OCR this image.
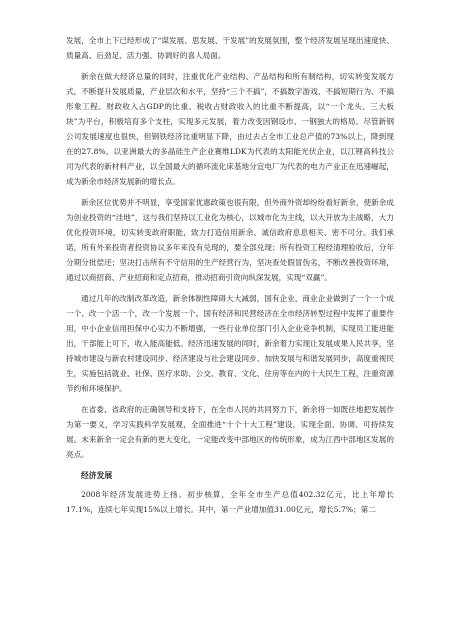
发展，全市上下已经形成了“谋发展、思发展、干发展”的发展氛围，整个经济发展呈现出速度快、质量高、后劲足、活力强、协调好的喜人局面。

新余在做大经济总量的同时，注重优化产业结构、产品结构和所有制结构，切实转变发展方式，不断提升发展质量，产业层次和水平，坚持“三个不搞”，不搞数字游戏、不搞短期行为、不搞形象工程。财政收入占GDP的比重、税收占财政收入的比重不断提高，以“一个龙头、三大板块”为平台，积极培育多个支柱，实现多元发展，着力改变因钢设市、一钢独大的格局。尽管新钢公司发展速度也很快，但钢铁经济比重明显下降，由过去占全市工业总产值的73%以上，降到现在的27.8%。以亚洲最大的多晶硅生产企业赛维LDK为代表的太阳能光伏企业，以江锂高科技公司为代表的新材料产业，以全国最大的循环流化床基地分宜电厂为代表的电力产业正在迅速崛起，成为新余市经济发展新的增长点。

新余区位优势并不明显，享受国家优惠政策也很有限，但外商外资却纷纷看好新余，使新余成为创业投资的“洼地”，这与我们坚持以工业化为核心，以城市化为主线，以大开放为主战略，大力优化投资环境，切实转变政府职能，致力打造信用新余、诚信政府息息相关、密不可分。我们承诺，所有外来投资者投资协议多年来没有兑现的，要全部兑现；所有投资工程经清理验收后，分年分期分批偿还；坚决打击所有不守信用的生产经营行为，坚决查处假冒伪劣，不断改善投资环境，通过以商招商、产业招商和定点招商，推动招商引资向纵深发展，实现“双赢”。

通过几年的改制改革改造，新余体制性障碍大大减弱，国有企业、商业企业做到了一个一个成一个、改一个活一个，改一个发展一个。国有经济和民营经济在全市经济转型过程中发挥了重要作用，中小企业信用担保中心实力不断增强，一些行业单位部门引入企业竞争机制，实现员工能进能出，干部能上可下，收入能高能低。经济迅速发展的同时，新余着力实现让发展成果人民共享，坚持城市建设与新农村建设同步、经济建设与社会建设同步、加快发展与和谐发展同步，高度重视民生，实施包括就业、社保、医疗求助、公交、教育、文化、住房等在内的十大民生工程，注重资源节约和环境保护。

在省委、省政府的正确领导和支持下，在全市人民的共同努力下，新余将一如既往地把发展作为第一要义，学习实践科学发展观，全面推进“十个十大工程”建设，实现全面、协调、可持续发展。未来新余一定会有新的更大变化，一定能改变中部地区的传统形象，成为江西中部地区发展的亮点。

经济发展

2008年经济发展进势上扬。初步核算，全年全市生产总值402.32亿元，比上年增长17.1%，连续七年实现15%以上增长。其中，第一产业增加值31.00亿元，增长5.7%；第二
